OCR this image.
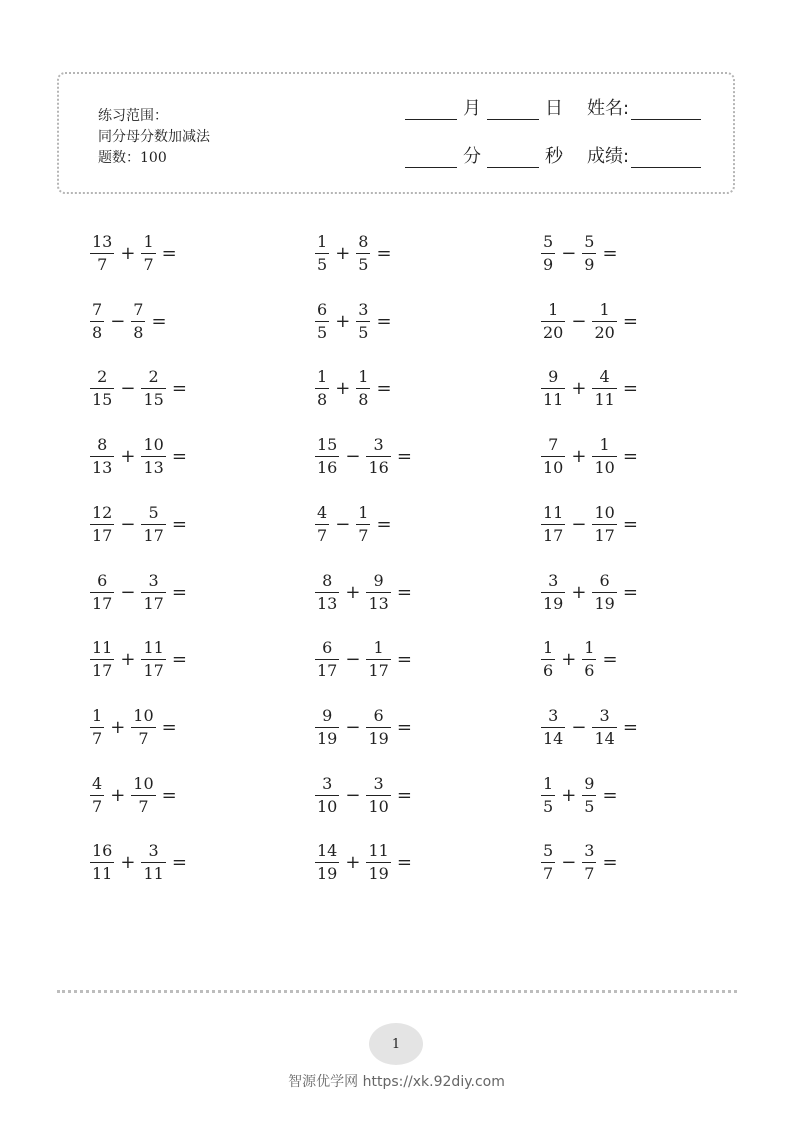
练习范围：
同分母分数加减法
题数： 100
月	日 姓名:
分	秒 成绩:
$\frac{13}{7} + \frac{1}{7}$ =	$\frac{1}{5} + \frac{8}{5}$ =	$\frac{5}{9} - \frac{5}{9}$ =
$\frac{7}{8} - \frac{7}{8}$ =	$\frac{6}{5} + \frac{3}{5}$ =	$\frac{1}{20} - \frac{1}{20}$ =
$\frac{2}{15} - \frac{2}{15}$ =	$\frac{1}{8} + \frac{1}{8}$ =	$\frac{9}{11} + \frac{4}{11}$ =
$\frac{8}{13} + \frac{10}{13}$ =	$\frac{15}{16} - \frac{3}{16}$ =	$\frac{7}{10} + \frac{1}{10}$ =
$\frac{12}{17} - \frac{5}{17}$ =	$\frac{4}{7} - \frac{1}{7}$ =	$\frac{11}{17} - \frac{10}{17}$ =
$\frac{6}{17} - \frac{3}{17}$ =	$\frac{8}{13} + \frac{9}{13}$ =	$\frac{3}{19} + \frac{6}{19}$ =
$\frac{11}{17} + \frac{11}{17}$ =	$\frac{6}{17} - \frac{1}{17}$ =	$\frac{1}{6} + \frac{1}{6}$ =
$\frac{1}{7} + \frac{10}{7}$ =	$\frac{9}{19} - \frac{6}{19}$ =	$\frac{3}{14} - \frac{3}{14}$ =
$\frac{4}{7} + \frac{10}{7}$ =	$\frac{3}{10} - \frac{3}{10}$ =	$\frac{1}{5} + \frac{9}{5}$ =
$\frac{16}{11} + \frac{3}{11}$ =	$\frac{14}{19} + \frac{11}{19}$ =	$\frac{5}{7} - \frac{3}{7}$ =
1
智源优学网 https://xk.92diy.com
